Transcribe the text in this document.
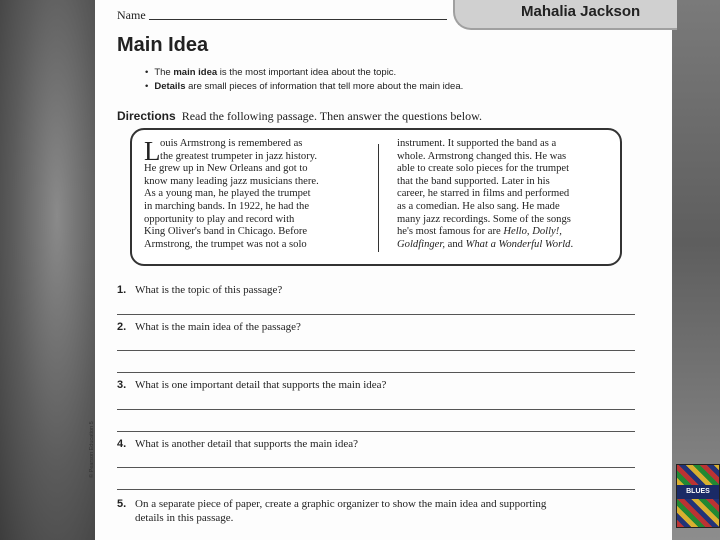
Mahalia Jackson
Name
Main Idea
• The main idea is the most important idea about the topic.
• Details are small pieces of information that tell more about the main idea.
Directions Read the following passage. Then answer the questions below.
L ouis Armstrong is remembered as
the greatest trumpeter in jazz history.
He grew up in New Orleans and got to
know many leading jazz musicians there.
As a young man, he played the trumpet
in marching bands. In 1922, he had the
opportunity to play and record with
King Oliver's band in Chicago. Before
Armstrong, the trumpet was not a solo
instrument. It supported the band as a
whole. Armstrong changed this. He was
able to create solo pieces for the trumpet
that the band supported. Later in his
career, he starred in films and performed
as a comedian. He also sang. He made
many jazz recordings. Some of the songs
he's most famous for are Hello, Dolly!,
Goldfinger, and What a Wonderful World.
1. What is the topic of this passage?
2. What is the main idea of the passage?
3. What is one important detail that supports the main idea?
4. What is another detail that supports the main idea?
5. On a separate piece of paper, create a graphic organizer to show the main idea and supporting
details in this passage.
© Pearson Education 5
BLUES
